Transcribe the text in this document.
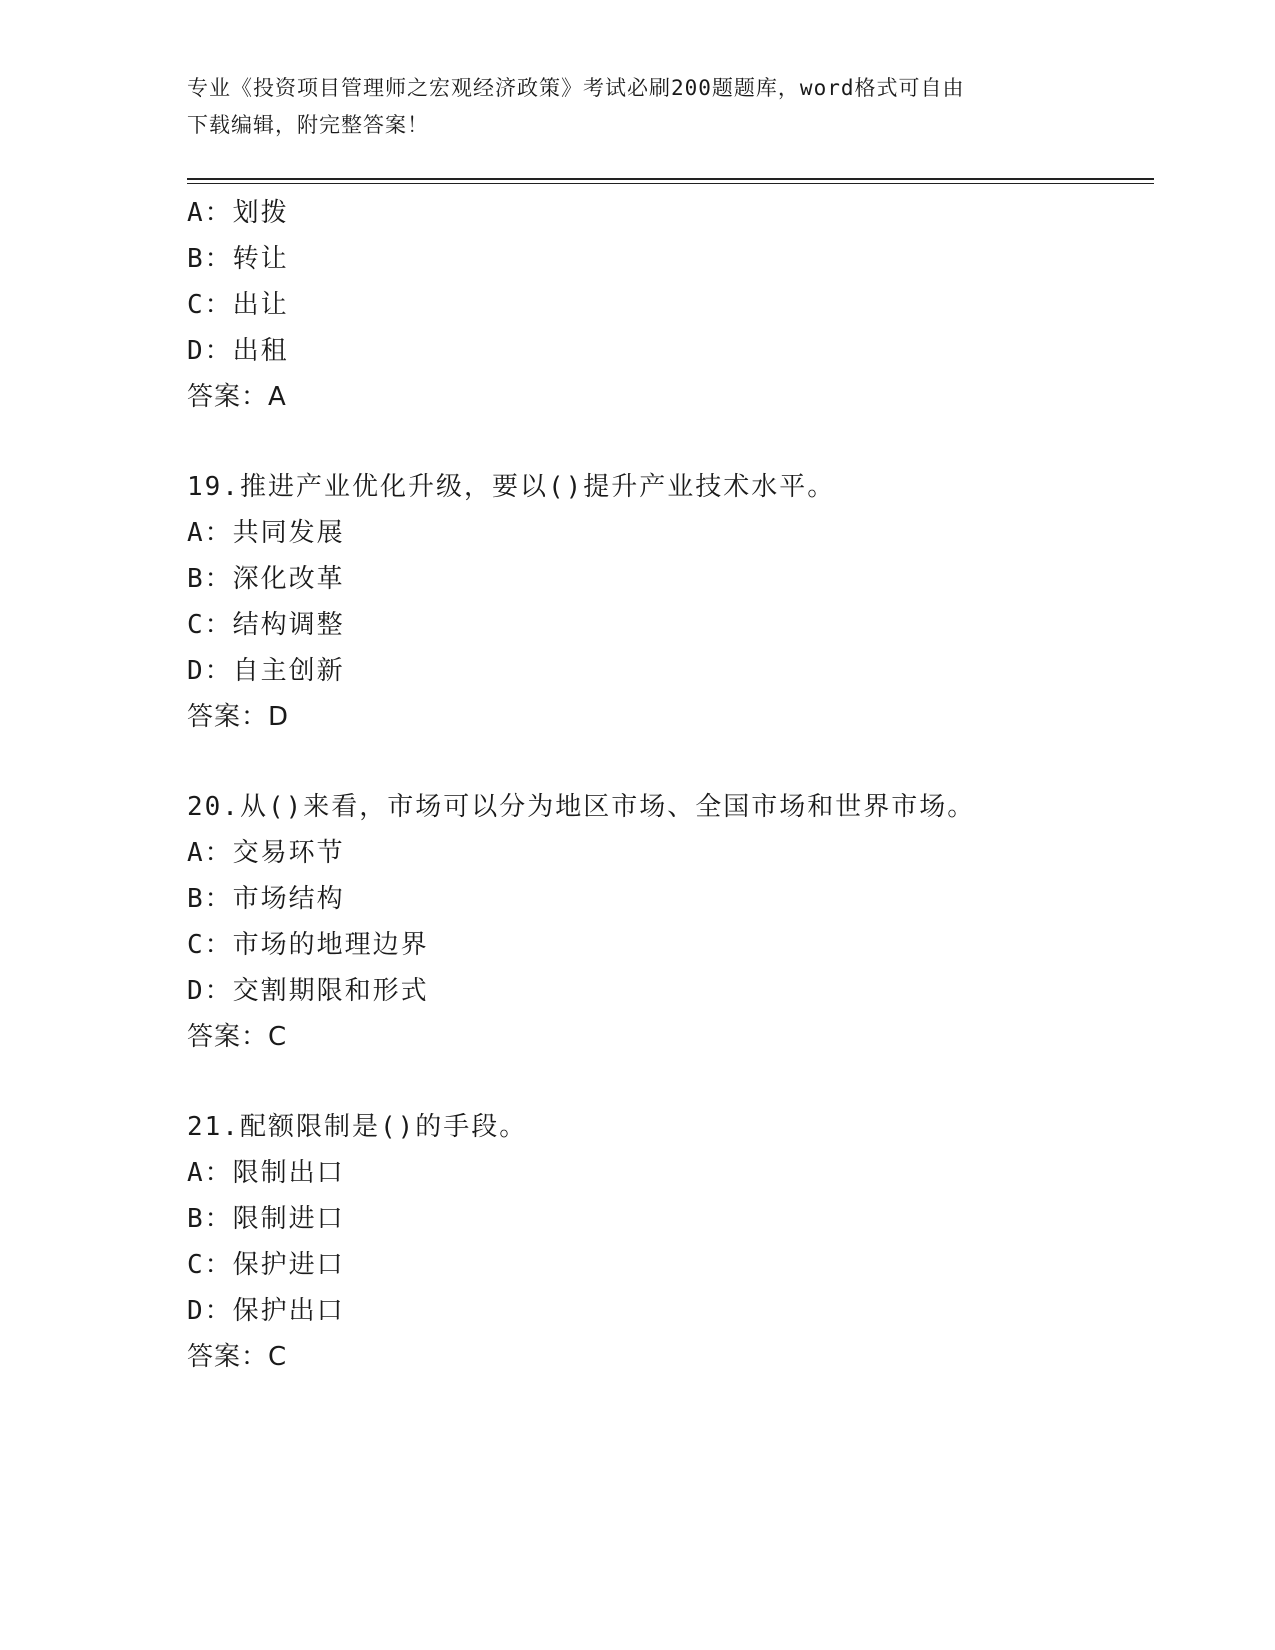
专业《投资项目管理师之宏观经济政策》考试必刷200题题库，word格式可自由
下载编辑，附完整答案！
A：划拨
B：转让
C：出让
D：出租
答案：A
19.推进产业优化升级，要以()提升产业技术水平。
A：共同发展
B：深化改革
C：结构调整
D：自主创新
答案：D
20.从()来看，市场可以分为地区市场、全国市场和世界市场。
A：交易环节
B：市场结构
C：市场的地理边界
D：交割期限和形式
答案：C
21.配额限制是()的手段。
A：限制出口
B：限制进口
C：保护进口
D：保护出口
答案：C
